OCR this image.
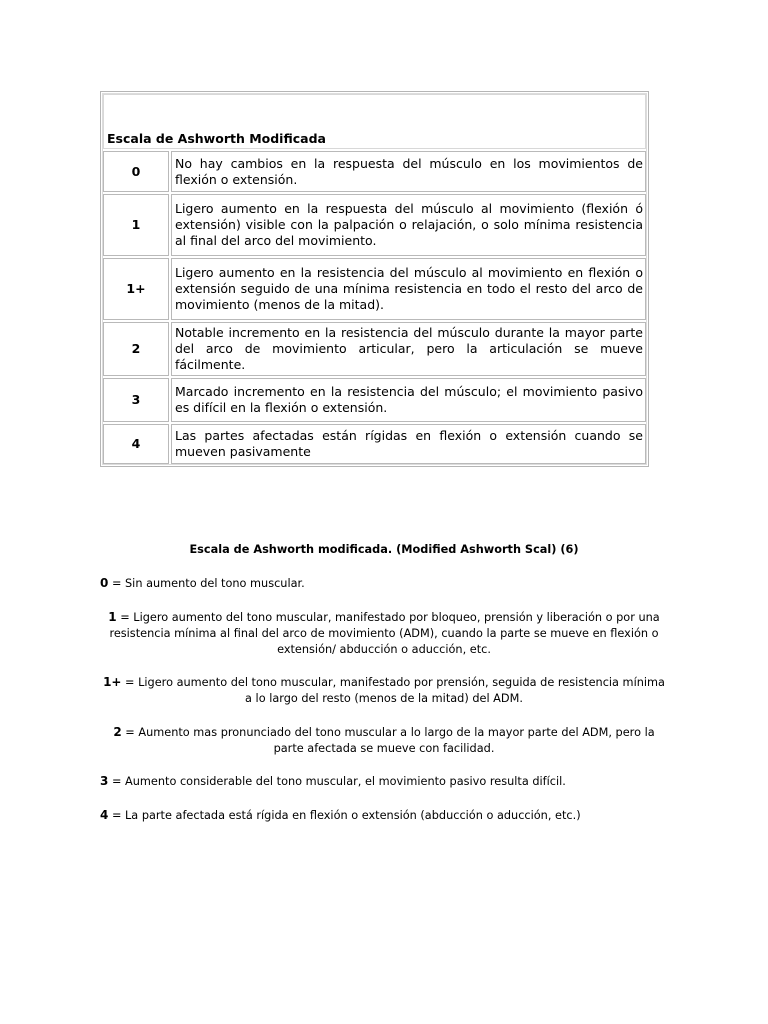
Escala de Ashworth Modificada
0	No hay cambios en la respuesta del músculo en los movimientos de flexión o extensión.
1	Ligero aumento en la respuesta del músculo al movimiento (flexión ó extensión) visible con la palpación o relajación, o solo mínima resistencia al final del arco del movimiento.
1+	Ligero aumento en la resistencia del músculo al movimiento en flexión o extensión seguido de una mínima resistencia en todo el resto del arco de movimiento (menos de la mitad).
2	Notable incremento en la resistencia del músculo durante la mayor parte del arco de movimiento articular, pero la articulación se mueve fácilmente.
3	Marcado incremento en la resistencia del músculo; el movimiento pasivo es difícil en la flexión o extensión.
4	Las partes afectadas están rígidas en flexión o extensión cuando se mueven pasivamente
Escala de Ashworth modificada. (Modified Ashworth Scal) (6)
0 = Sin aumento del tono muscular.
1 = Ligero aumento del tono muscular, manifestado por bloqueo, prensión y liberación o por una resistencia mínima al final del arco de movimiento (ADM), cuando la parte se mueve en flexión o extensión/ abducción o aducción, etc.
1+ = Ligero aumento del tono muscular, manifestado por prensión, seguida de resistencia mínima a lo largo del resto (menos de la mitad) del ADM.
2 = Aumento mas pronunciado del tono muscular a lo largo de la mayor parte del ADM, pero la parte afectada se mueve con facilidad.
3 = Aumento considerable del tono muscular, el movimiento pasivo resulta difícil.
4 = La parte afectada está rígida en flexión o extensión (abducción o aducción, etc.)
